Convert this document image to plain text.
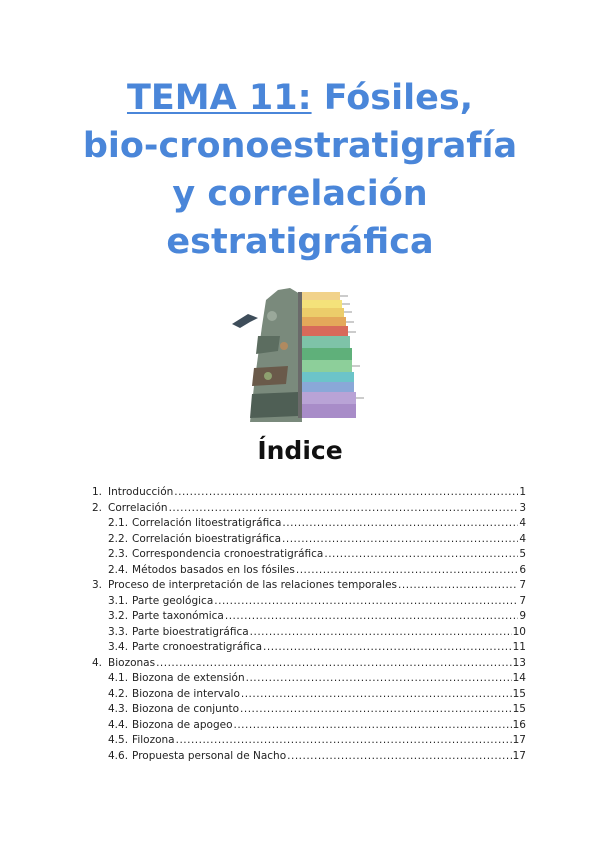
TEMA 11: Fósiles,
bio-cronoestratigrafía
y correlación
estratigráfica
Índice
1. Introducción .....	1
2. Correlación .....	3
2.1. Correlación litoestratigráfica .....	4
2.2. Correlación bioestratigráfica .....	4
2.3. Correspondencia cronoestratigráfica .....	5
2.4. Métodos basados en los fósiles .....	6
3. Proceso de interpretación de las relaciones temporales .....	7
3.1. Parte geológica .....	7
3.2. Parte taxonómica .....	9
3.3. Parte bioestratigráfica .....	10
3.4. Parte cronoestratigráfica .....	11
4. Biozonas .....	13
4.1. Biozona de extensión .....	14
4.2. Biozona de intervalo .....	15
4.3. Biozona de conjunto .....	15
4.4. Biozona de apogeo .....	16
4.5. Filozona .....	17
4.6. Propuesta personal de Nacho .....	17
